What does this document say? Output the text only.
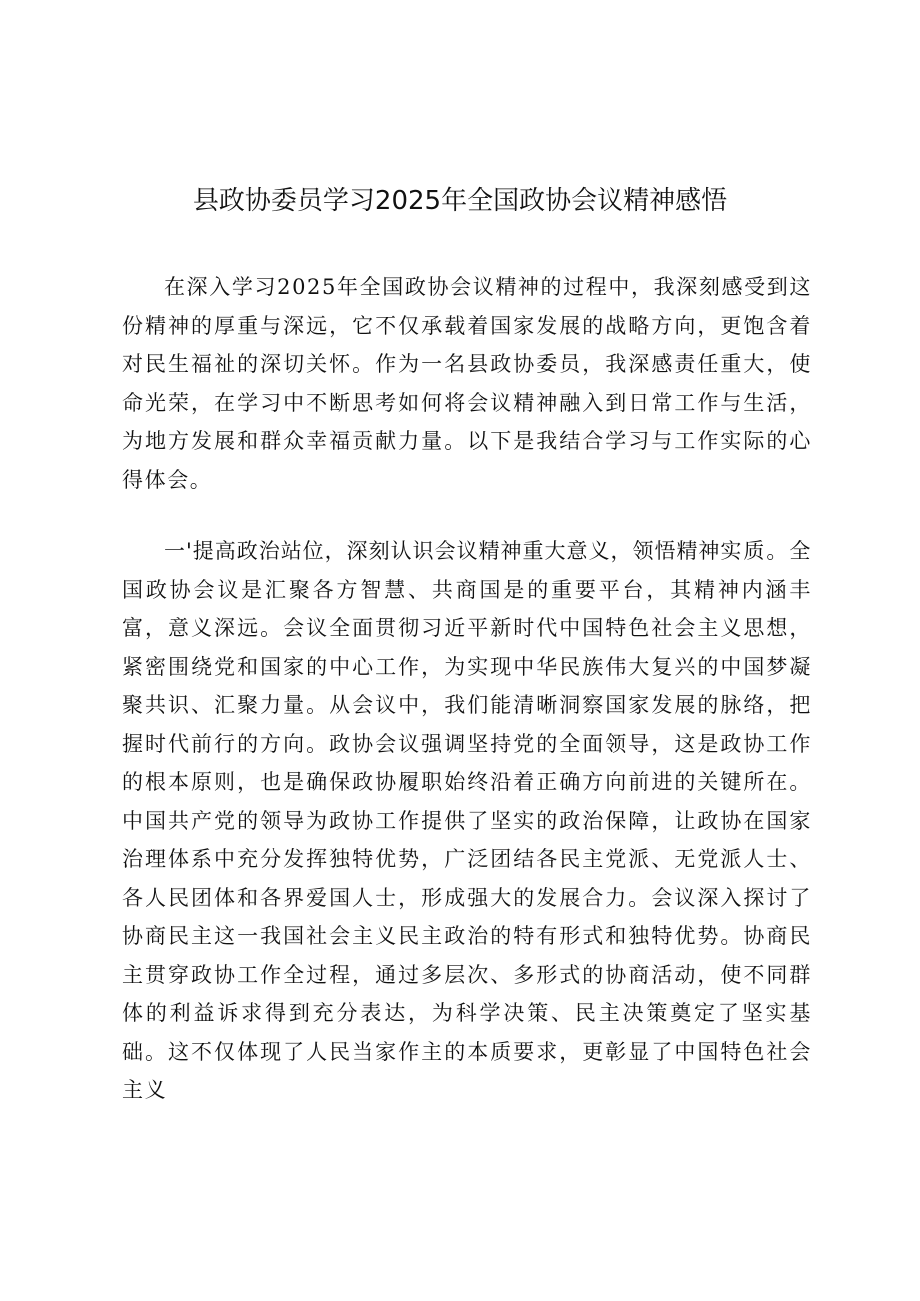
县政协委员学习2025年全国政协会议精神感悟

在深入学习2025年全国政协会议精神的过程中，我深刻感受到这份精神的厚重与深远，它不仅承载着国家发展的战略方向，更饱含着对民生福祉的深切关怀。作为一名县政协委员，我深感责任重大，使命光荣，在学习中不断思考如何将会议精神融入到日常工作与生活，为地方发展和群众幸福贡献力量。以下是我结合学习与工作实际的心得体会。

一'提高政治站位，深刻认识会议精神重大意义，领悟精神实质。全国政协会议是汇聚各方智慧、共商国是的重要平台，其精神内涵丰富，意义深远。会议全面贯彻习近平新时代中国特色社会主义思想，紧密围绕党和国家的中心工作，为实现中华民族伟大复兴的中国梦凝聚共识、汇聚力量。从会议中，我们能清晰洞察国家发展的脉络，把握时代前行的方向。政协会议强调坚持党的全面领导，这是政协工作的根本原则，也是确保政协履职始终沿着正确方向前进的关键所在。中国共产党的领导为政协工作提供了坚实的政治保障，让政协在国家治理体系中充分发挥独特优势，广泛团结各民主党派、无党派人士、各人民团体和各界爱国人士，形成强大的发展合力。会议深入探讨了协商民主这一我国社会主义民主政治的特有形式和独特优势。协商民主贯穿政协工作全过程，通过多层次、多形式的协商活动，使不同群体的利益诉求得到充分表达，为科学决策、民主决策奠定了坚实基础。这不仅体现了人民当家作主的本质要求，更彰显了中国特色社会主义
